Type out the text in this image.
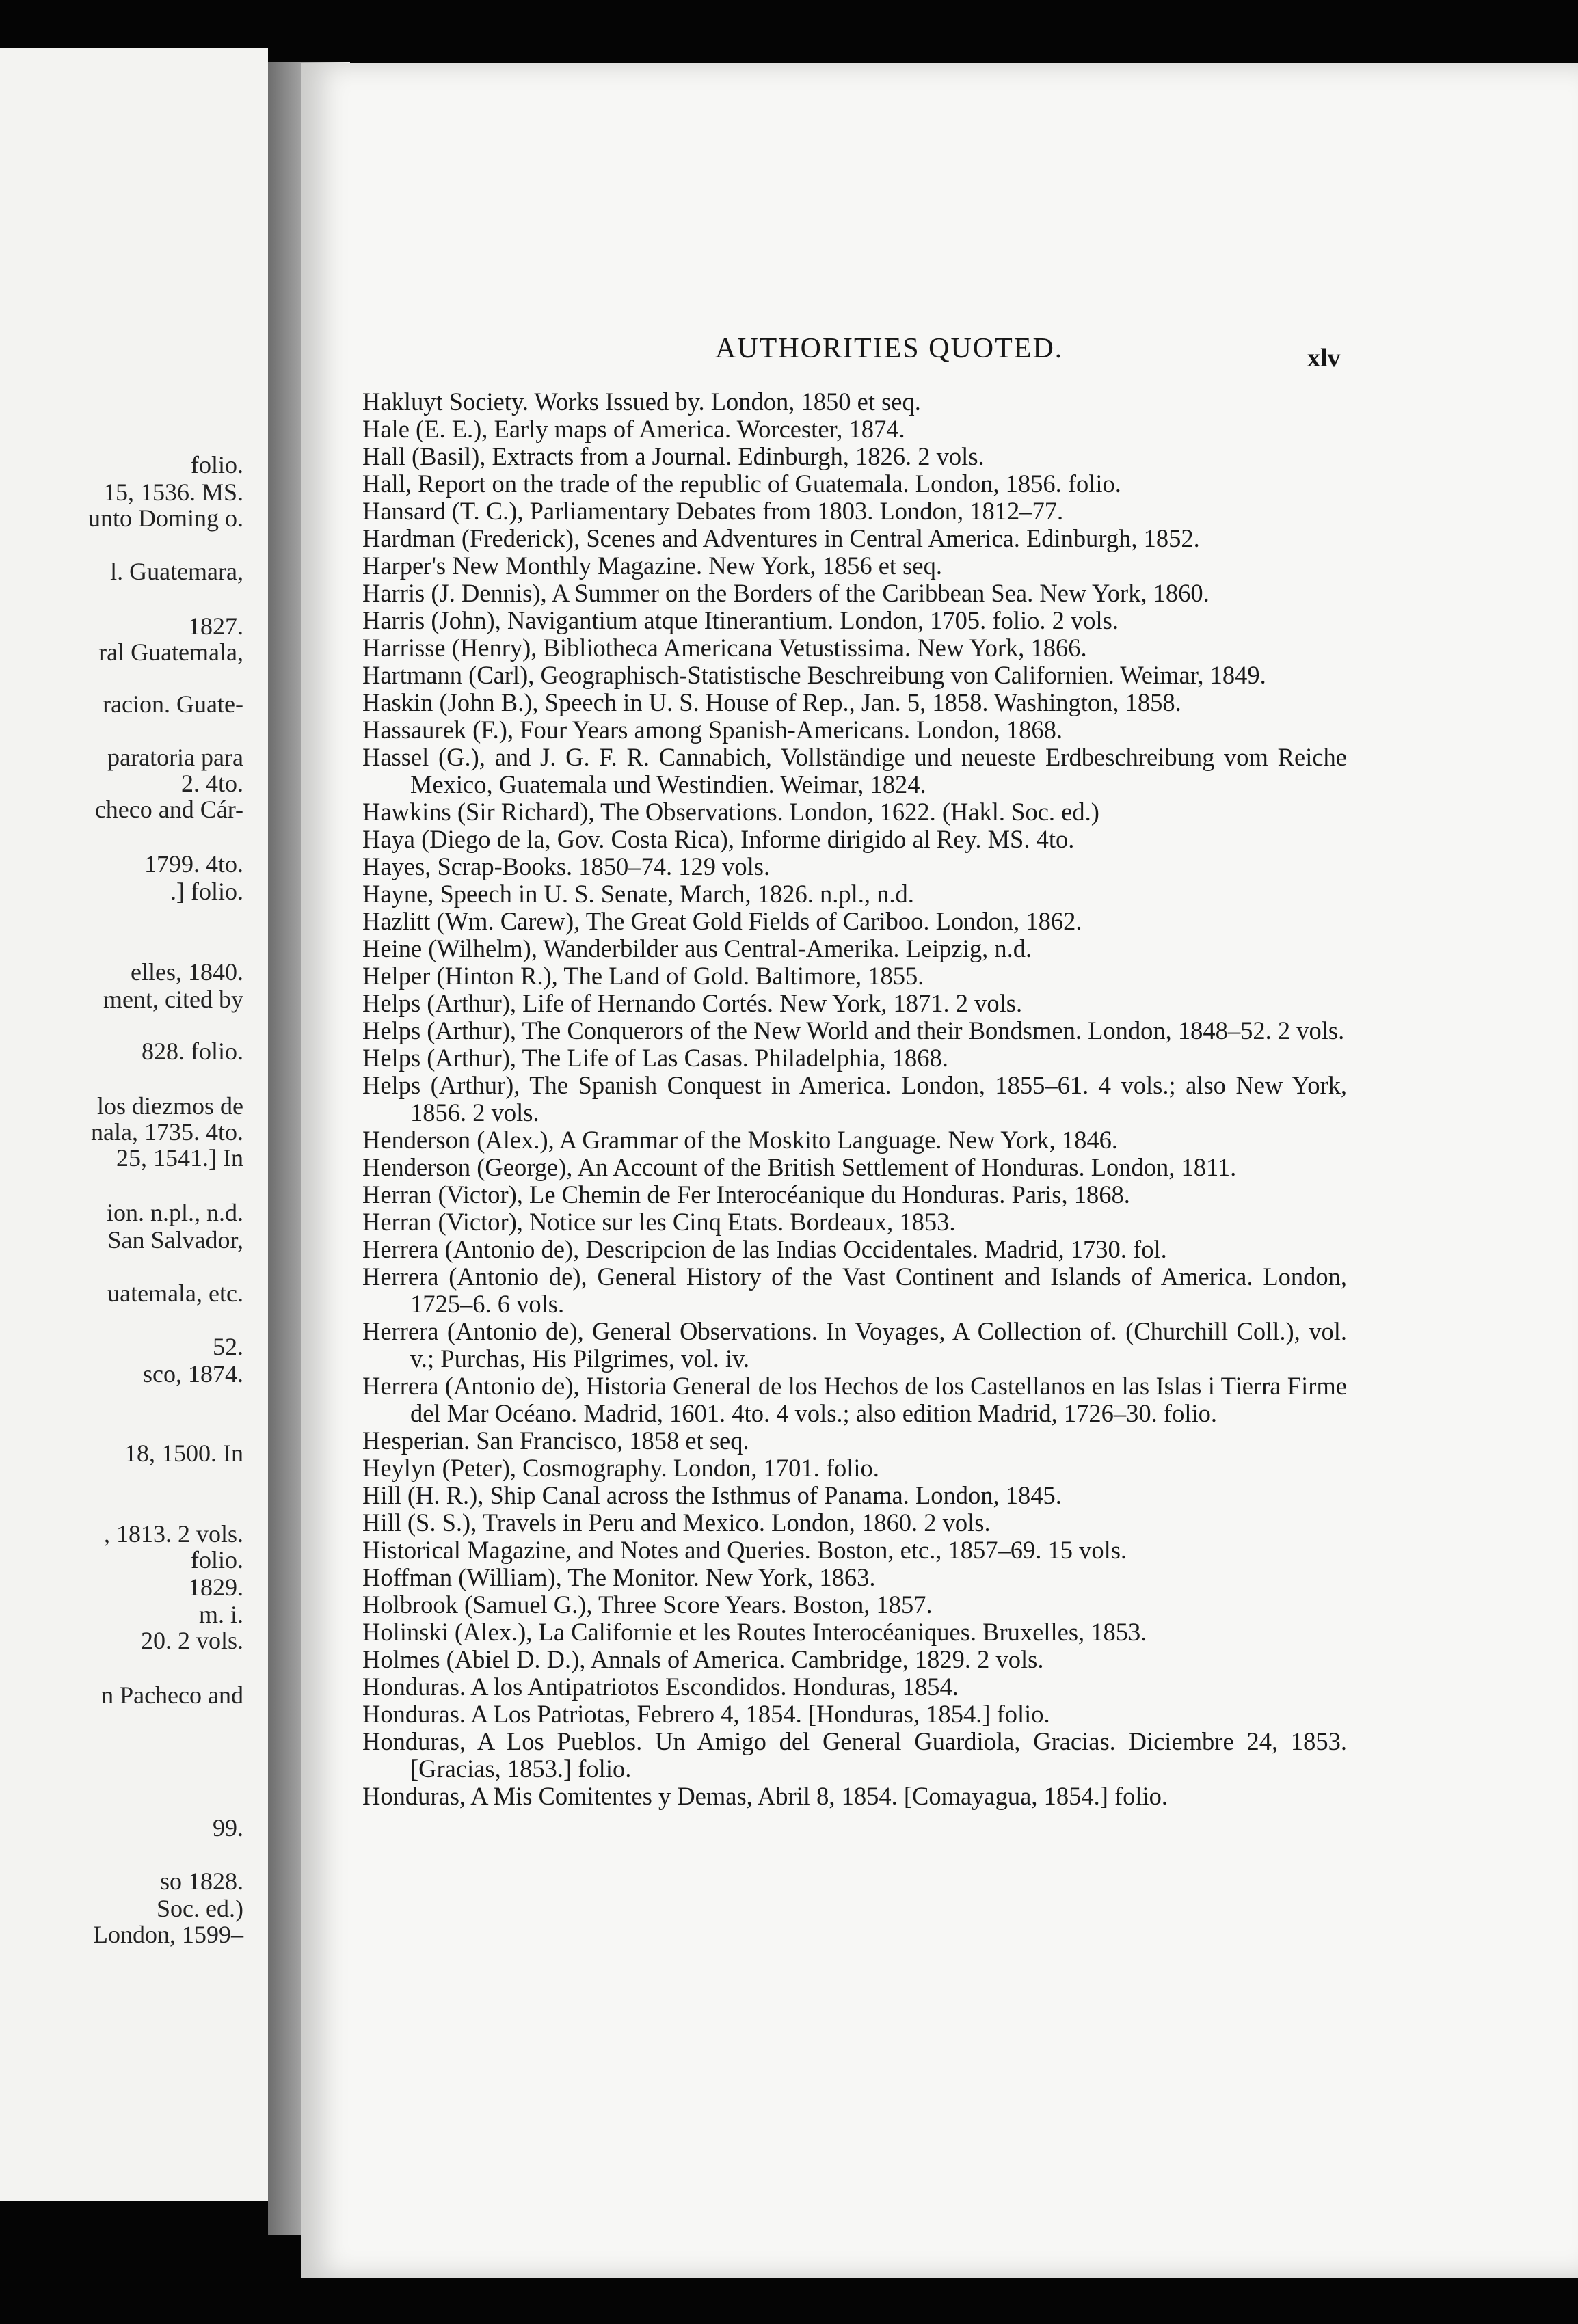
folio.
15, 1536. MS.
unto Doming o.
l. Guatemara,
1827.
ral Guatemala,
racion. Guate-
paratoria para
2. 4to.
checo and Cár-
1799. 4to.
.] folio.
elles, 1840.
ment, cited by
828. folio.
los diezmos de
nala, 1735. 4to.
25, 1541.] In
ion. n.pl., n.d.
San Salvador,
uatemala, etc.
52.
sco, 1874.
18, 1500. In
, 1813. 2 vols.
folio.
1829.
m. i.
20. 2 vols.
n Pacheco and
99.
so 1828.
Soc. ed.)
London, 1599–
AUTHORITIES QUOTED.	xlv
Hakluyt Society. Works Issued by. London, 1850 et seq.
Hale (E. E.), Early maps of America. Worcester, 1874.
Hall (Basil), Extracts from a Journal. Edinburgh, 1826. 2 vols.
Hall, Report on the trade of the republic of Guatemala. London, 1856. folio.
Hansard (T. C.), Parliamentary Debates from 1803. London, 1812–77.
Hardman (Frederick), Scenes and Adventures in Central America. Edinburgh, 1852.
Harper's New Monthly Magazine. New York, 1856 et seq.
Harris (J. Dennis), A Summer on the Borders of the Caribbean Sea. New York, 1860.
Harris (John), Navigantium atque Itinerantium. London, 1705. folio. 2 vols.
Harrisse (Henry), Bibliotheca Americana Vetustissima. New York, 1866.
Hartmann (Carl), Geographisch-Statistische Beschreibung von Californien. Weimar, 1849.
Haskin (John B.), Speech in U. S. House of Rep., Jan. 5, 1858. Washington, 1858.
Hassaurek (F.), Four Years among Spanish-Americans. London, 1868.
Hassel (G.), and J. G. F. R. Cannabich, Vollständige und neueste Erdbeschreibung vom Reiche Mexico, Guatemala und Westindien. Weimar, 1824.
Hawkins (Sir Richard), The Observations. London, 1622. (Hakl. Soc. ed.)
Haya (Diego de la, Gov. Costa Rica), Informe dirigido al Rey. MS. 4to.
Hayes, Scrap-Books. 1850–74. 129 vols.
Hayne, Speech in U. S. Senate, March, 1826. n.pl., n.d.
Hazlitt (Wm. Carew), The Great Gold Fields of Cariboo. London, 1862.
Heine (Wilhelm), Wanderbilder aus Central-Amerika. Leipzig, n.d.
Helper (Hinton R.), The Land of Gold. Baltimore, 1855.
Helps (Arthur), Life of Hernando Cortés. New York, 1871. 2 vols.
Helps (Arthur), The Conquerors of the New World and their Bondsmen. London, 1848–52. 2 vols.
Helps (Arthur), The Life of Las Casas. Philadelphia, 1868.
Helps (Arthur), The Spanish Conquest in America. London, 1855–61. 4 vols.; also New York, 1856. 2 vols.
Henderson (Alex.), A Grammar of the Moskito Language. New York, 1846.
Henderson (George), An Account of the British Settlement of Honduras. London, 1811.
Herran (Victor), Le Chemin de Fer Interocéanique du Honduras. Paris, 1868.
Herran (Victor), Notice sur les Cinq Etats. Bordeaux, 1853.
Herrera (Antonio de), Descripcion de las Indias Occidentales. Madrid, 1730. fol.
Herrera (Antonio de), General History of the Vast Continent and Islands of America. London, 1725–6. 6 vols.
Herrera (Antonio de), General Observations. In Voyages, A Collection of. (Churchill Coll.), vol. v.; Purchas, His Pilgrimes, vol. iv.
Herrera (Antonio de), Historia General de los Hechos de los Castellanos en las Islas i Tierra Firme del Mar Océano. Madrid, 1601. 4to. 4 vols.; also edition Madrid, 1726–30. folio.
Hesperian. San Francisco, 1858 et seq.
Heylyn (Peter), Cosmography. London, 1701. folio.
Hill (H. R.), Ship Canal across the Isthmus of Panama. London, 1845.
Hill (S. S.), Travels in Peru and Mexico. London, 1860. 2 vols.
Historical Magazine, and Notes and Queries. Boston, etc., 1857–69. 15 vols.
Hoffman (William), The Monitor. New York, 1863.
Holbrook (Samuel G.), Three Score Years. Boston, 1857.
Holinski (Alex.), La Californie et les Routes Interocéaniques. Bruxelles, 1853.
Holmes (Abiel D. D.), Annals of America. Cambridge, 1829. 2 vols.
Honduras. A los Antipatriotos Escondidos. Honduras, 1854.
Honduras. A Los Patriotas, Febrero 4, 1854. [Honduras, 1854.] folio.
Honduras, A Los Pueblos. Un Amigo del General Guardiola, Gracias. Diciembre 24, 1853. [Gracias, 1853.] folio.
Honduras, A Mis Comitentes y Demas, Abril 8, 1854. [Comayagua, 1854.] folio.
